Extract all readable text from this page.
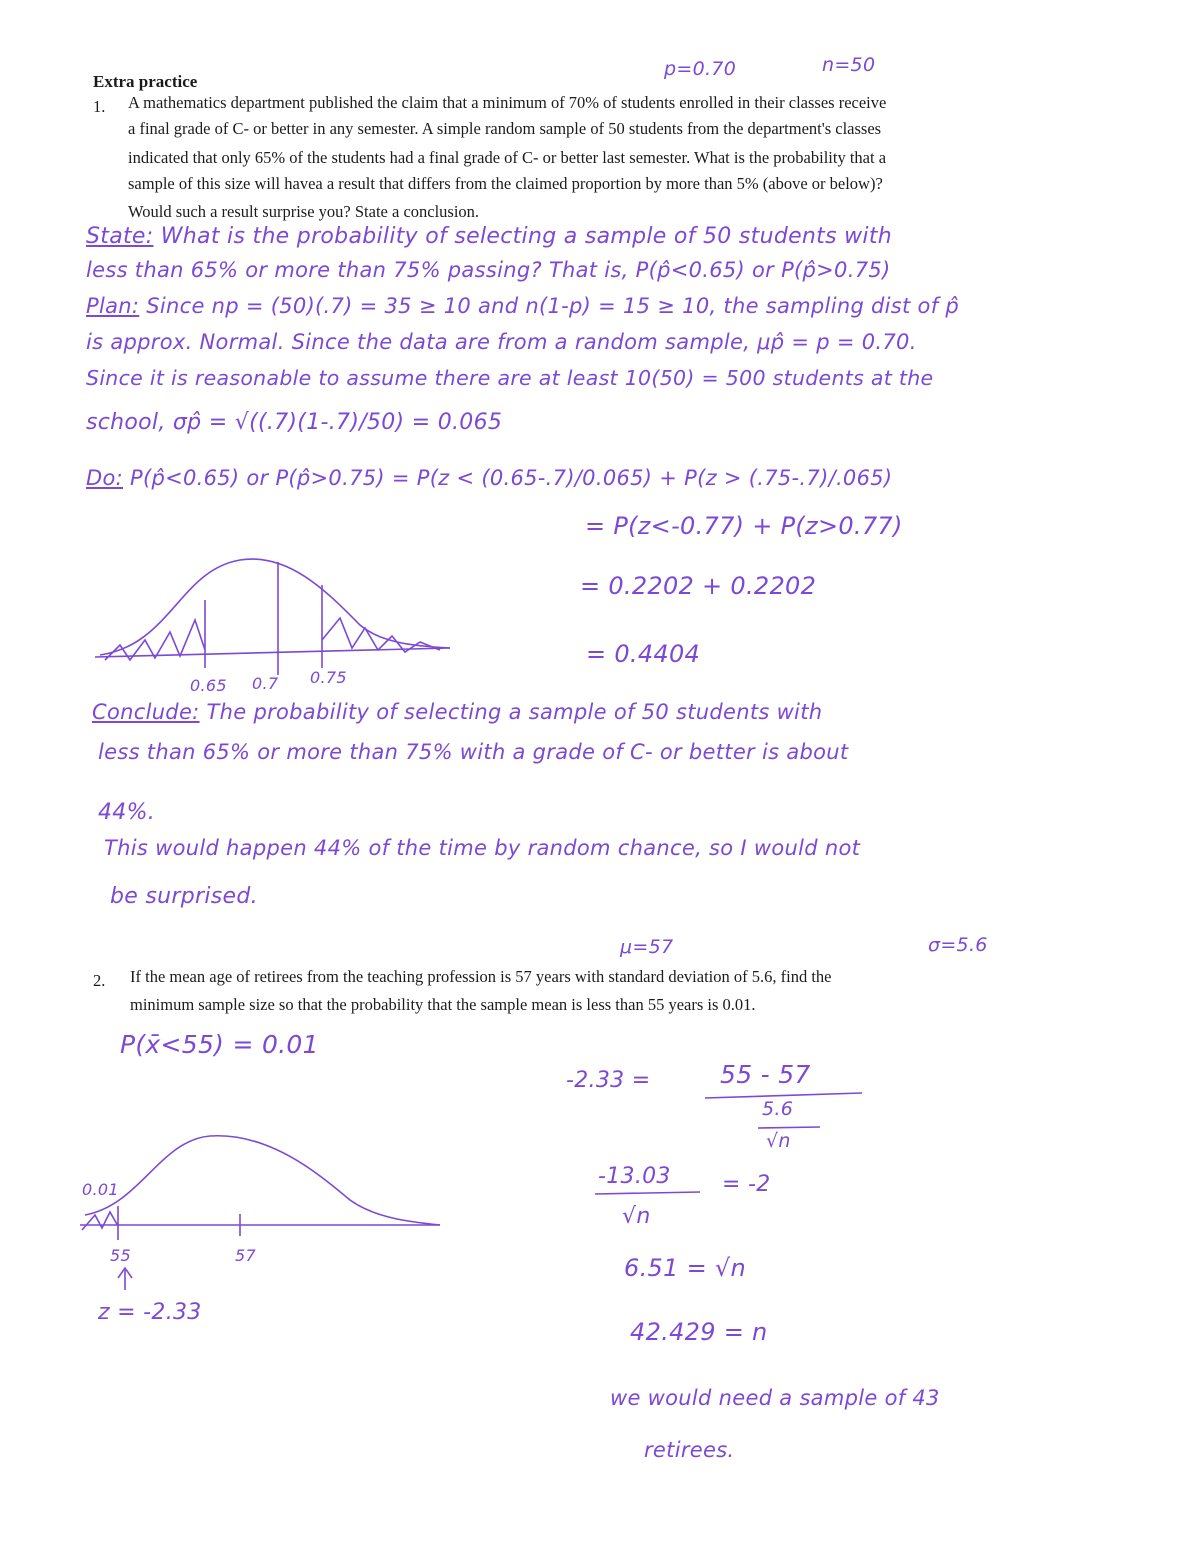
Extra practice
p=0.70	n=50
1. A mathematics department published the claim that a minimum of 70% of students enrolled in their classes receive
a final grade of C- or better in any semester. A simple random sample of 50 students from the department's classes
indicated that only 65% of the students had a final grade of C- or better last semester. What is the probability that a
sample of this size will havea a result that differs from the claimed proportion by more than 5% (above or below)?
Would such a result surprise you? State a conclusion.
State: What is the probability of selecting a sample of 50 students with
less than 65% or more than 75% passing? That is, P(p̂<0.65) or P(p̂>0.75)
Plan: Since np = (50)(.7) = 35 ≥ 10 and n(1-p) = 15 ≥ 10, the sampling dist of p̂
is approx. Normal. Since the data are from a random sample, μp̂ = p = 0.70.
Since it is reasonable to assume there are at least 10(50) = 500 students at the
school, σp̂ = √((.7)(1-.7)/50) = 0.065
Do: P(p̂<0.65) or P(p̂>0.75) = P(z < (0.65-.7)/0.065) + P(z > (.75-.7)/.065)
= P(z<-0.77) + P(z>0.77)
= 0.2202 + 0.2202
= 0.4404
0.65 0.7 0.75
Conclude: The probability of selecting a sample of 50 students with
less than 65% or more than 75% with a grade of C- or better is about
44%.
This would happen 44% of the time by random chance, so I would not
be surprised.
μ=57	σ=5.6
2. If the mean age of retirees from the teaching profession is 57 years with standard deviation of 5.6, find the
minimum sample size so that the probability that the sample mean is less than 55 years is 0.01.
P(x̄<55) = 0.01
0.01
55	57
z = -2.33
-2.33 =	55 - 57
5.6
√n
-13.03
√n
= -2
6.51 = √n
42.429 = n
we would need a sample of 43
retirees.
